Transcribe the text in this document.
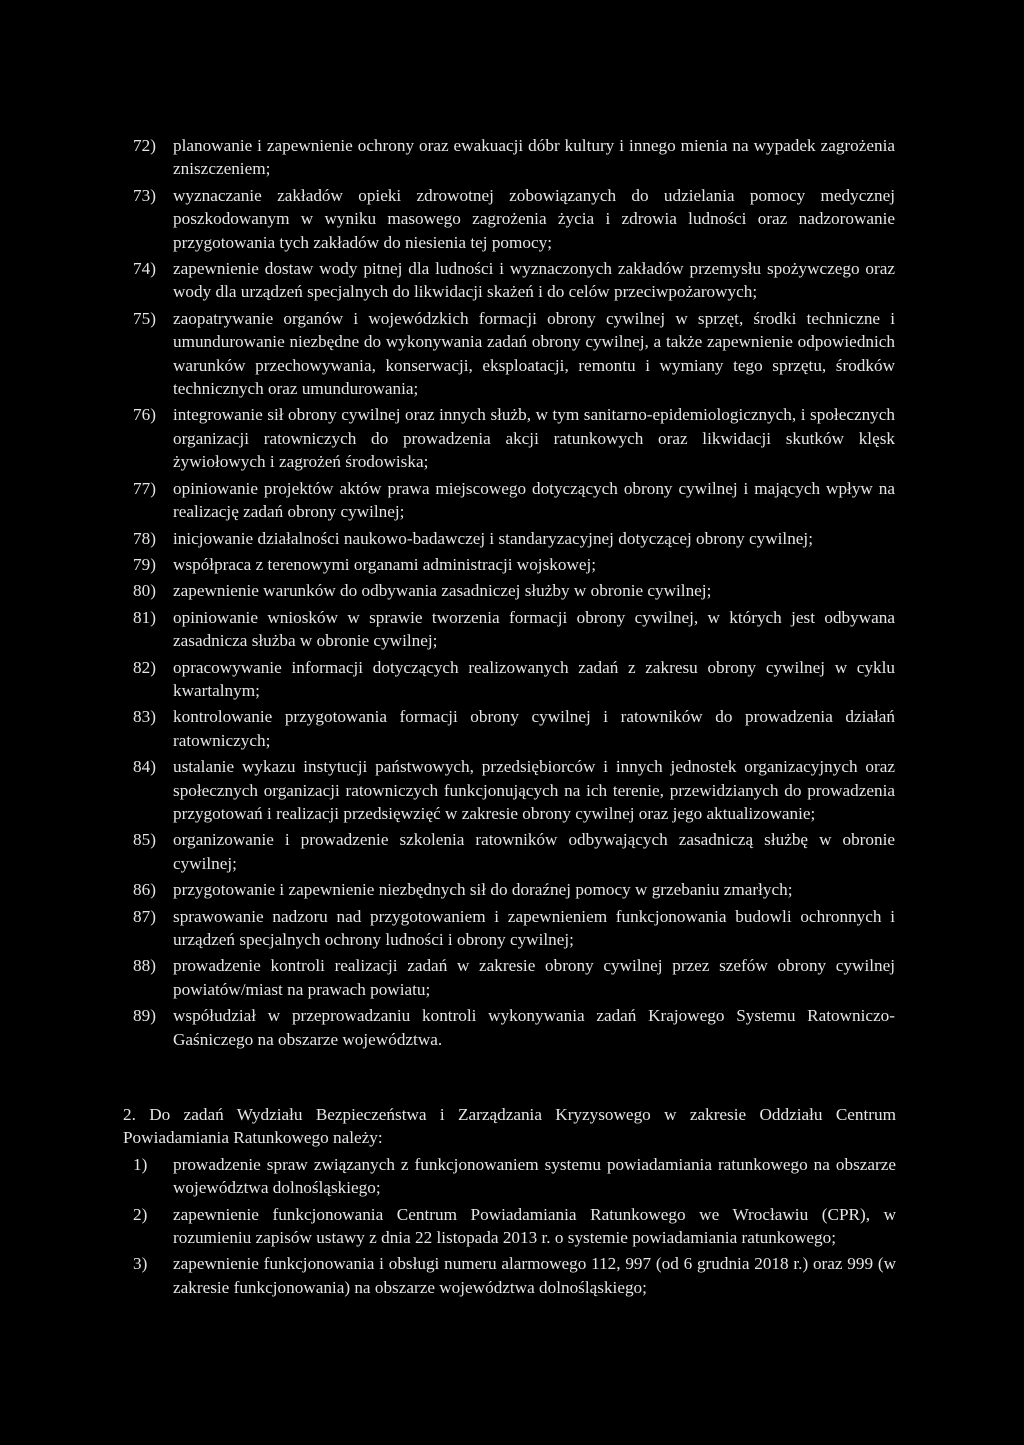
72) planowanie i zapewnienie ochrony oraz ewakuacji dóbr kultury i innego mienia na wypadek zagrożenia zniszczeniem;
73) wyznaczanie zakładów opieki zdrowotnej zobowiązanych do udzielania pomocy medycznej poszkodowanym w wyniku masowego zagrożenia życia i zdrowia ludności oraz nadzorowanie przygotowania tych zakładów do niesienia tej pomocy;
74) zapewnienie dostaw wody pitnej dla ludności i wyznaczonych zakładów przemysłu spożywczego oraz wody dla urządzeń specjalnych do likwidacji skażeń i do celów przeciwpożarowych;
75) zaopatrywanie organów i wojewódzkich formacji obrony cywilnej w sprzęt, środki techniczne i umundurowanie niezbędne do wykonywania zadań obrony cywilnej, a także zapewnienie odpowiednich warunków przechowywania, konserwacji, eksploatacji, remontu i wymiany tego sprzętu, środków technicznych oraz umundurowania;
76) integrowanie sił obrony cywilnej oraz innych służb, w tym sanitarno-epidemiologicznych, i społecznych organizacji ratowniczych do prowadzenia akcji ratunkowych oraz likwidacji skutków klęsk żywiołowych i zagrożeń środowiska;
77) opiniowanie projektów aktów prawa miejscowego dotyczących obrony cywilnej i mających wpływ na realizację zadań obrony cywilnej;
78) inicjowanie działalności naukowo-badawczej i standaryzacyjnej dotyczącej obrony cywilnej;
79) współpraca z terenowymi organami administracji wojskowej;
80) zapewnienie warunków do odbywania zasadniczej służby w obronie cywilnej;
81) opiniowanie wniosków w sprawie tworzenia formacji obrony cywilnej, w których jest odbywana zasadnicza służba w obronie cywilnej;
82) opracowywanie informacji dotyczących realizowanych zadań z zakresu obrony cywilnej w cyklu kwartalnym;
83) kontrolowanie przygotowania formacji obrony cywilnej i ratowników do prowadzenia działań ratowniczych;
84) ustalanie wykazu instytucji państwowych, przedsiębiorców i innych jednostek organizacyjnych oraz społecznych organizacji ratowniczych funkcjonujących na ich terenie, przewidzianych do prowadzenia przygotowań i realizacji przedsięwzięć w zakresie obrony cywilnej oraz jego aktualizowanie;
85) organizowanie i prowadzenie szkolenia ratowników odbywających zasadniczą służbę w obronie cywilnej;
86) przygotowanie i zapewnienie niezbędnych sił do doraźnej pomocy w grzebaniu zmarłych;
87) sprawowanie nadzoru nad przygotowaniem i zapewnieniem funkcjonowania budowli ochronnych i urządzeń specjalnych ochrony ludności i obrony cywilnej;
88) prowadzenie kontroli realizacji zadań w zakresie obrony cywilnej przez szefów obrony cywilnej powiatów/miast na prawach powiatu;
89) współudział w przeprowadzaniu kontroli wykonywania zadań Krajowego Systemu Ratowniczo-Gaśniczego na obszarze województwa.
2. Do zadań Wydziału Bezpieczeństwa i Zarządzania Kryzysowego w zakresie Oddziału Centrum Powiadamiania Ratunkowego należy:
1)	prowadzenie spraw związanych z funkcjonowaniem systemu powiadamiania ratunkowego na obszarze województwa dolnośląskiego;
2)	zapewnienie funkcjonowania Centrum Powiadamiania Ratunkowego we Wrocławiu (CPR), w rozumieniu zapisów ustawy z dnia 22 listopada 2013 r. o systemie powiadamiania ratunkowego;
3)	zapewnienie funkcjonowania i obsługi numeru alarmowego 112, 997 (od 6 grudnia 2018 r.) oraz 999 (w zakresie funkcjonowania) na obszarze województwa dolnośląskiego;
